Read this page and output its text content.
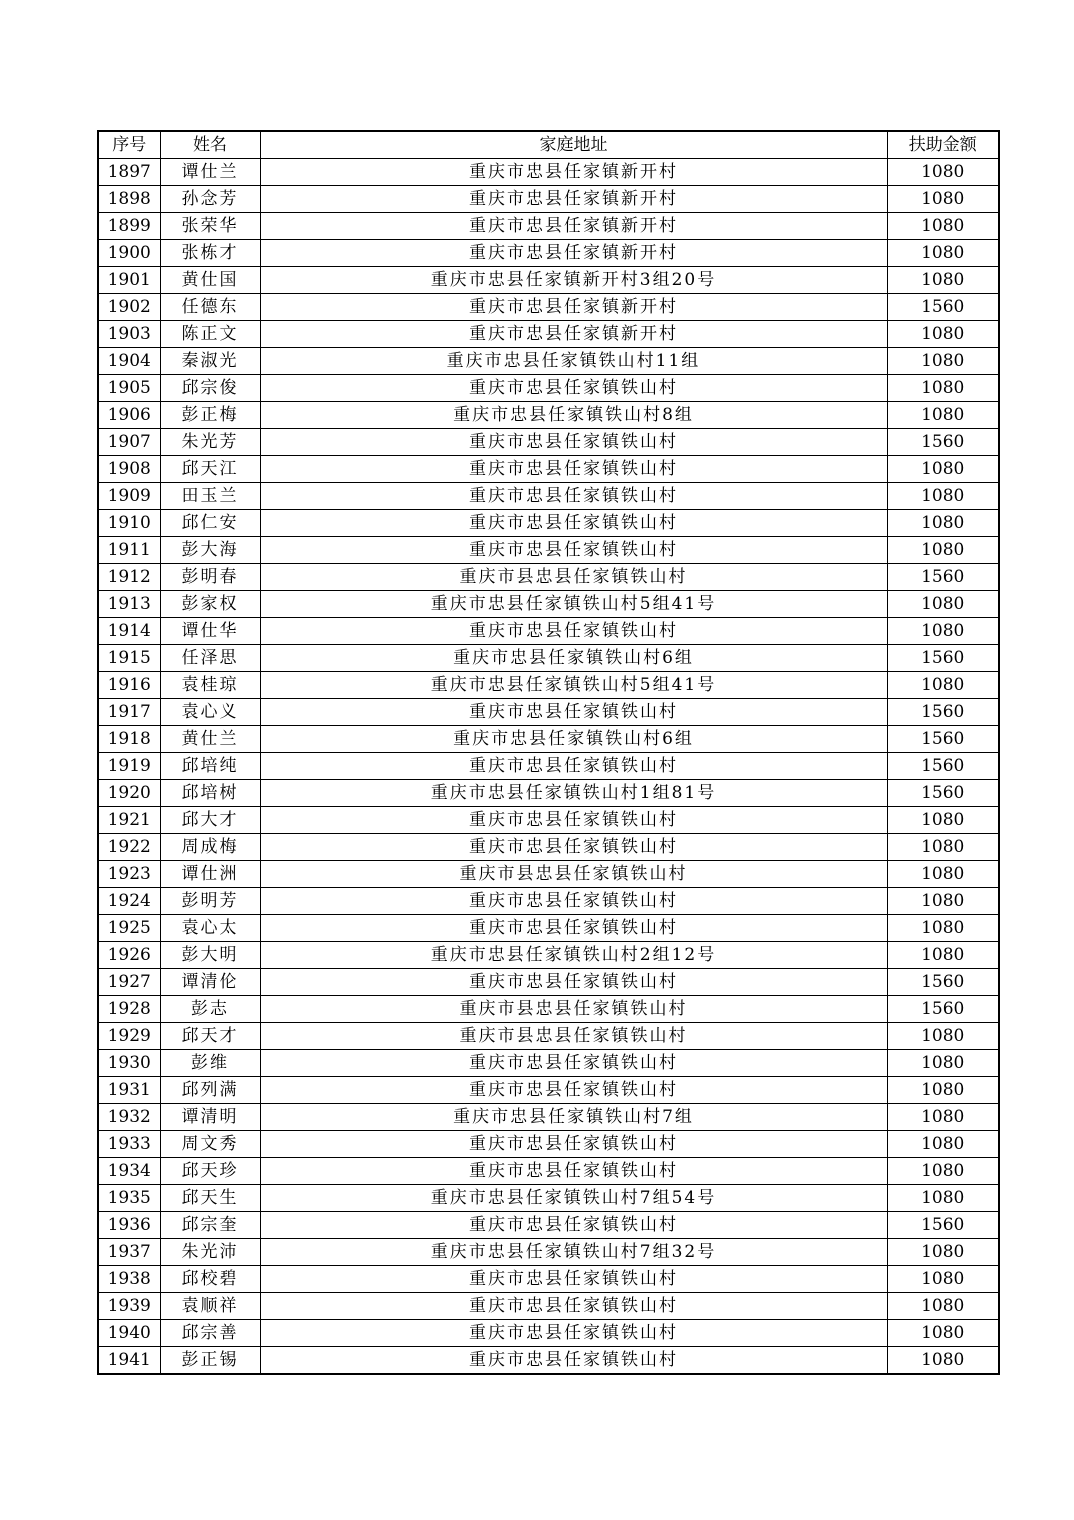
序号	姓名	家庭地址	扶助金额
1897	谭仕兰	重庆市忠县任家镇新开村	1080
1898	孙念芳	重庆市忠县任家镇新开村	1080
1899	张荣华	重庆市忠县任家镇新开村	1080
1900	张栋才	重庆市忠县任家镇新开村	1080
1901	黄仕国	重庆市忠县任家镇新开村3组20号	1080
1902	任德东	重庆市忠县任家镇新开村	1560
1903	陈正文	重庆市忠县任家镇新开村	1080
1904	秦淑光	重庆市忠县任家镇铁山村11组	1080
1905	邱宗俊	重庆市忠县任家镇铁山村	1080
1906	彭正梅	重庆市忠县任家镇铁山村8组	1080
1907	朱光芳	重庆市忠县任家镇铁山村	1560
1908	邱天江	重庆市忠县任家镇铁山村	1080
1909	田玉兰	重庆市忠县任家镇铁山村	1080
1910	邱仁安	重庆市忠县任家镇铁山村	1080
1911	彭大海	重庆市忠县任家镇铁山村	1080
1912	彭明春	重庆市县忠县任家镇铁山村	1560
1913	彭家权	重庆市忠县任家镇铁山村5组41号	1080
1914	谭仕华	重庆市忠县任家镇铁山村	1080
1915	任泽思	重庆市忠县任家镇铁山村6组	1560
1916	袁桂琼	重庆市忠县任家镇铁山村5组41号	1080
1917	袁心义	重庆市忠县任家镇铁山村	1560
1918	黄仕兰	重庆市忠县任家镇铁山村6组	1560
1919	邱培纯	重庆市忠县任家镇铁山村	1560
1920	邱培树	重庆市忠县任家镇铁山村1组81号	1560
1921	邱大才	重庆市忠县任家镇铁山村	1080
1922	周成梅	重庆市忠县任家镇铁山村	1080
1923	谭仕洲	重庆市县忠县任家镇铁山村	1080
1924	彭明芳	重庆市忠县任家镇铁山村	1080
1925	袁心太	重庆市忠县任家镇铁山村	1080
1926	彭大明	重庆市忠县任家镇铁山村2组12号	1080
1927	谭清伦	重庆市忠县任家镇铁山村	1560
1928	彭志	重庆市县忠县任家镇铁山村	1560
1929	邱天才	重庆市县忠县任家镇铁山村	1080
1930	彭维	重庆市忠县任家镇铁山村	1080
1931	邱列满	重庆市忠县任家镇铁山村	1080
1932	谭清明	重庆市忠县任家镇铁山村7组	1080
1933	周文秀	重庆市忠县任家镇铁山村	1080
1934	邱天珍	重庆市忠县任家镇铁山村	1080
1935	邱天生	重庆市忠县任家镇铁山村7组54号	1080
1936	邱宗奎	重庆市忠县任家镇铁山村	1560
1937	朱光沛	重庆市忠县任家镇铁山村7组32号	1080
1938	邱校碧	重庆市忠县任家镇铁山村	1080
1939	袁顺祥	重庆市忠县任家镇铁山村	1080
1940	邱宗善	重庆市忠县任家镇铁山村	1080
1941	彭正锡	重庆市忠县任家镇铁山村	1080
